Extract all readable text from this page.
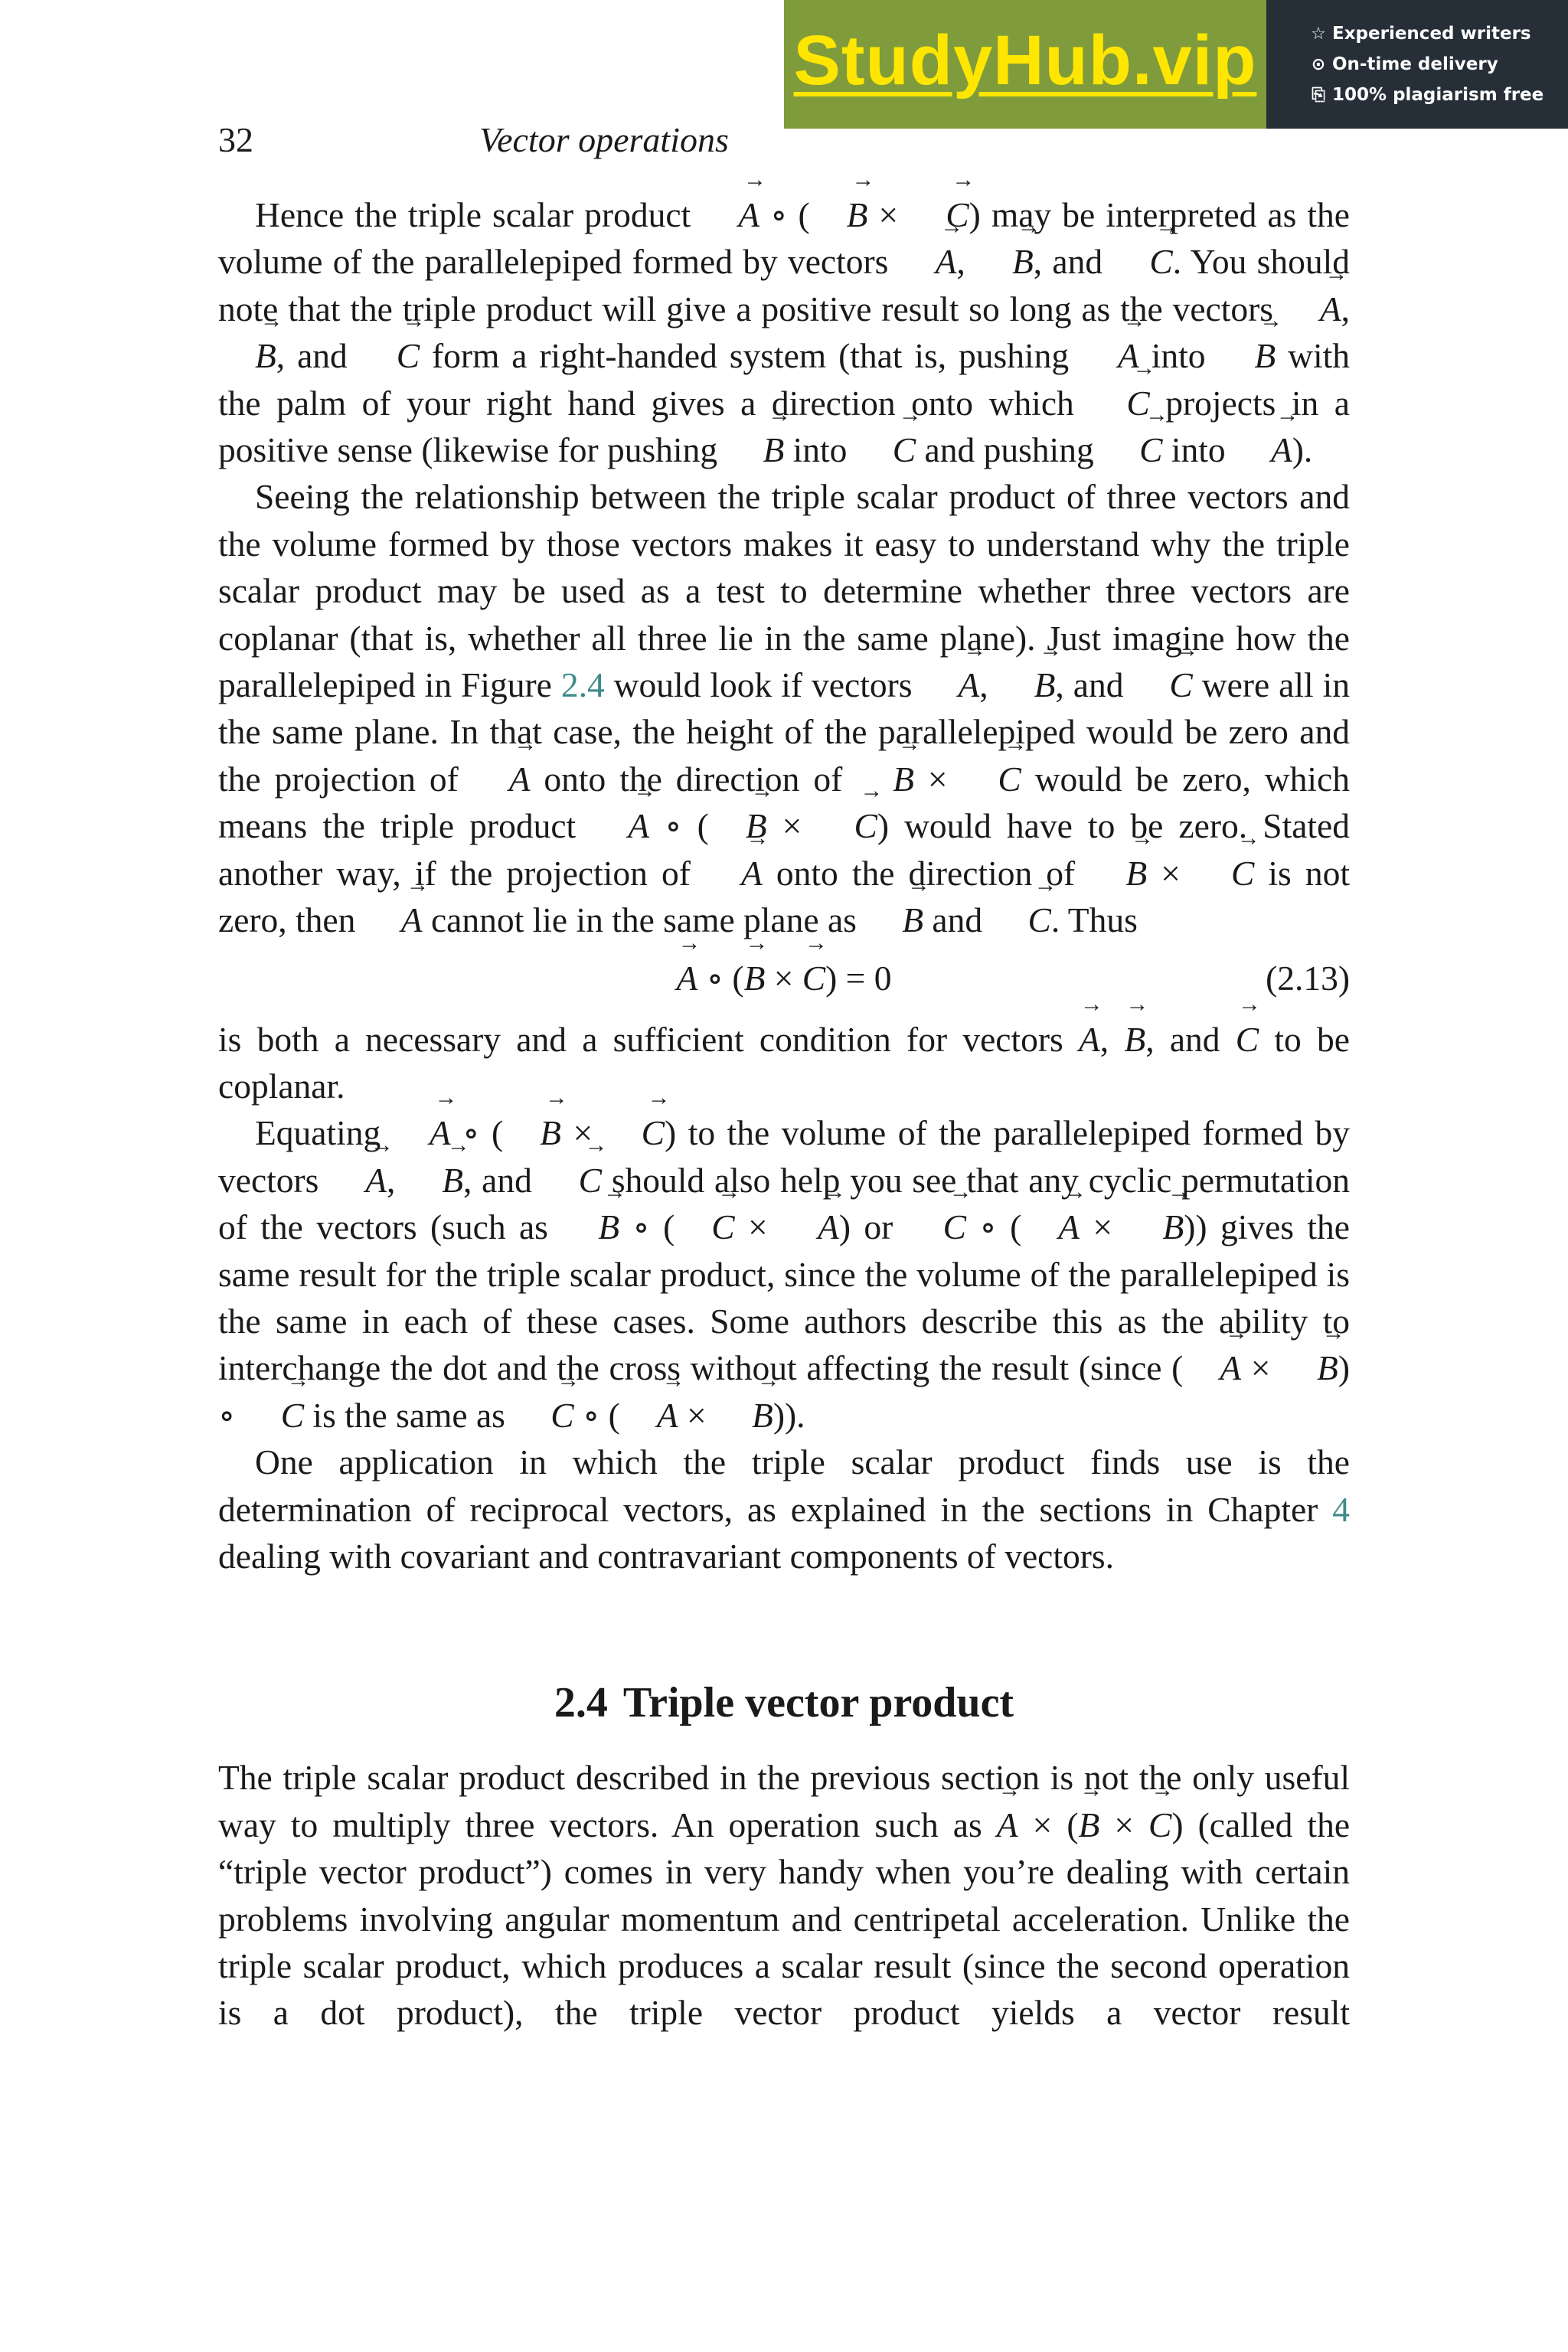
StudyHub.vip	☆ Experienced writers
⊙ On-time delivery
⎘ 100% plagiarism free
32	Vector operations

Hence the triple scalar product → A ∘ ( → B × → C) may be interpreted as the volume of the parallelepiped formed by vectors → A, → B, and → C. You should note that the triple product will give a positive result so long as the vectors → A, → B, and → C form a right-handed system (that is, pushing → A into → B with the palm of your right hand gives a direction onto which → C projects in a positive sense (likewise for pushing → B into → C and pushing → C into → A).

Seeing the relationship between the triple scalar product of three vectors and the volume formed by those vectors makes it easy to understand why the triple scalar product may be used as a test to determine whether three vectors are coplanar (that is, whether all three lie in the same plane). Just imagine how the parallelepiped in Figure 2.4 would look if vectors → A, → B, and → C were all in the same plane. In that case, the height of the parallelepiped would be zero and the projection of → A onto the direction of → B × → C would be zero, which means the triple product → A ∘ ( → B × → C) would have to be zero. Stated another way, if the projection of → A onto the direction of → B × → C is not zero, then → A cannot lie in the same plane as → B and → C. Thus

→ A ∘ (→ B × → C) = 0	(2.13)

is both a necessary and a sufficient condition for vectors → A, → B, and → C to be coplanar.

Equating → A ∘ ( → B × → C) to the volume of the parallelepiped formed by vectors → A, → B, and → C should also help you see that any cyclic permutation of the vectors (such as → B ∘ ( → C × → A) or → C ∘ ( → A × → B)) gives the same result for the triple scalar product, since the volume of the parallelepiped is the same in each of these cases. Some authors describe this as the ability to interchange the dot and the cross without affecting the result (since ( → A × → B) ∘ → C is the same as → C ∘ ( → A × → B)).

One application in which the triple scalar product finds use is the determination of reciprocal vectors, as explained in the sections in Chapter 4 dealing with covariant and contravariant components of vectors.

2.4 Triple vector product

The triple scalar product described in the previous section is not the only useful way to multiply three vectors. An operation such as → A × (→ B × → C) (called the “triple vector product”) comes in very handy when you’re dealing with certain problems involving angular momentum and centripetal acceleration. Unlike the triple scalar product, which produces a scalar result (since the second operation is a dot product), the triple vector product yields a vector result
